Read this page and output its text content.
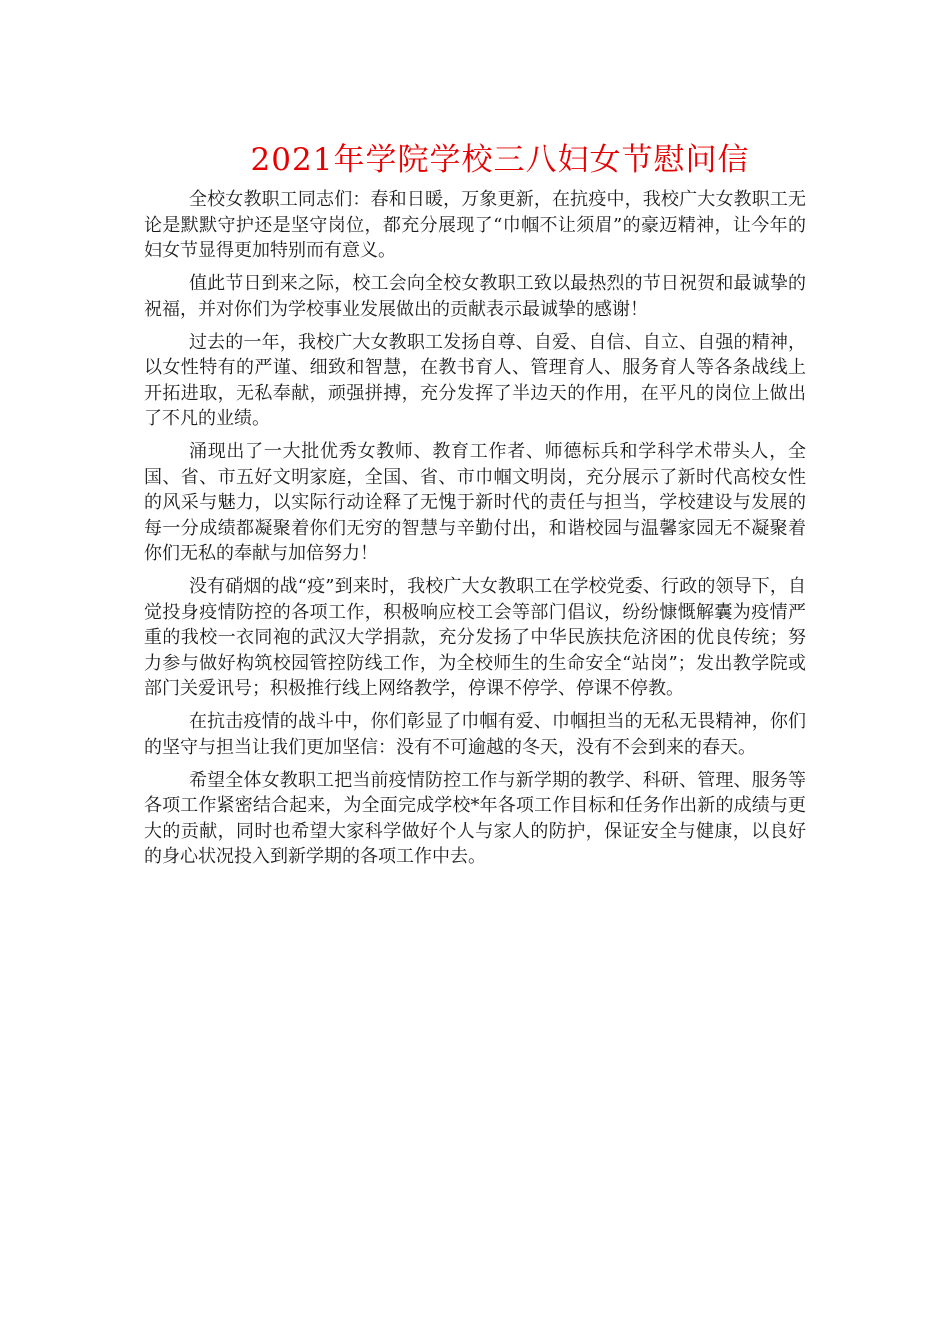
2021年学院学校三八妇女节慰问信

全校女教职工同志们：春和日暖，万象更新，在抗疫中，我校广大女教职工无论是默默守护还是坚守岗位，都充分展现了“巾帼不让须眉”的豪迈精神，让今年的妇女节显得更加特别而有意义。

值此节日到来之际，校工会向全校女教职工致以最热烈的节日祝贺和最诚挚的祝福，并对你们为学校事业发展做出的贡献表示最诚挚的感谢！

过去的一年，我校广大女教职工发扬自尊、自爱、自信、自立、自强的精神，以女性特有的严谨、细致和智慧，在教书育人、管理育人、服务育人等各条战线上开拓进取，无私奉献，顽强拼搏，充分发挥了半边天的作用，在平凡的岗位上做出了不凡的业绩。

涌现出了一大批优秀女教师、教育工作者、师德标兵和学科学术带头人，全国、省、市五好文明家庭，全国、省、市巾帼文明岗，充分展示了新时代高校女性的风采与魅力，以实际行动诠释了无愧于新时代的责任与担当，学校建设与发展的每一分成绩都凝聚着你们无穷的智慧与辛勤付出，和谐校园与温馨家园无不凝聚着你们无私的奉献与加倍努力！

没有硝烟的战“疫”到来时，我校广大女教职工在学校党委、行政的领导下，自觉投身疫情防控的各项工作，积极响应校工会等部门倡议，纷纷慷慨解囊为疫情严重的我校一衣同袍的武汉大学捐款，充分发扬了中华民族扶危济困的优良传统；努力参与做好构筑校园管控防线工作，为全校师生的生命安全“站岗”；发出教学院或部门关爱讯号；积极推行线上网络教学，停课不停学、停课不停教。

在抗击疫情的战斗中，你们彰显了巾帼有爱、巾帼担当的无私无畏精神，你们的坚守与担当让我们更加坚信：没有不可逾越的冬天，没有不会到来的春天。

希望全体女教职工把当前疫情防控工作与新学期的教学、科研、管理、服务等各项工作紧密结合起来，为全面完成学校*年各项工作目标和任务作出新的成绩与更大的贡献，同时也希望大家科学做好个人与家人的防护，保证安全与健康，以良好的身心状况投入到新学期的各项工作中去。
